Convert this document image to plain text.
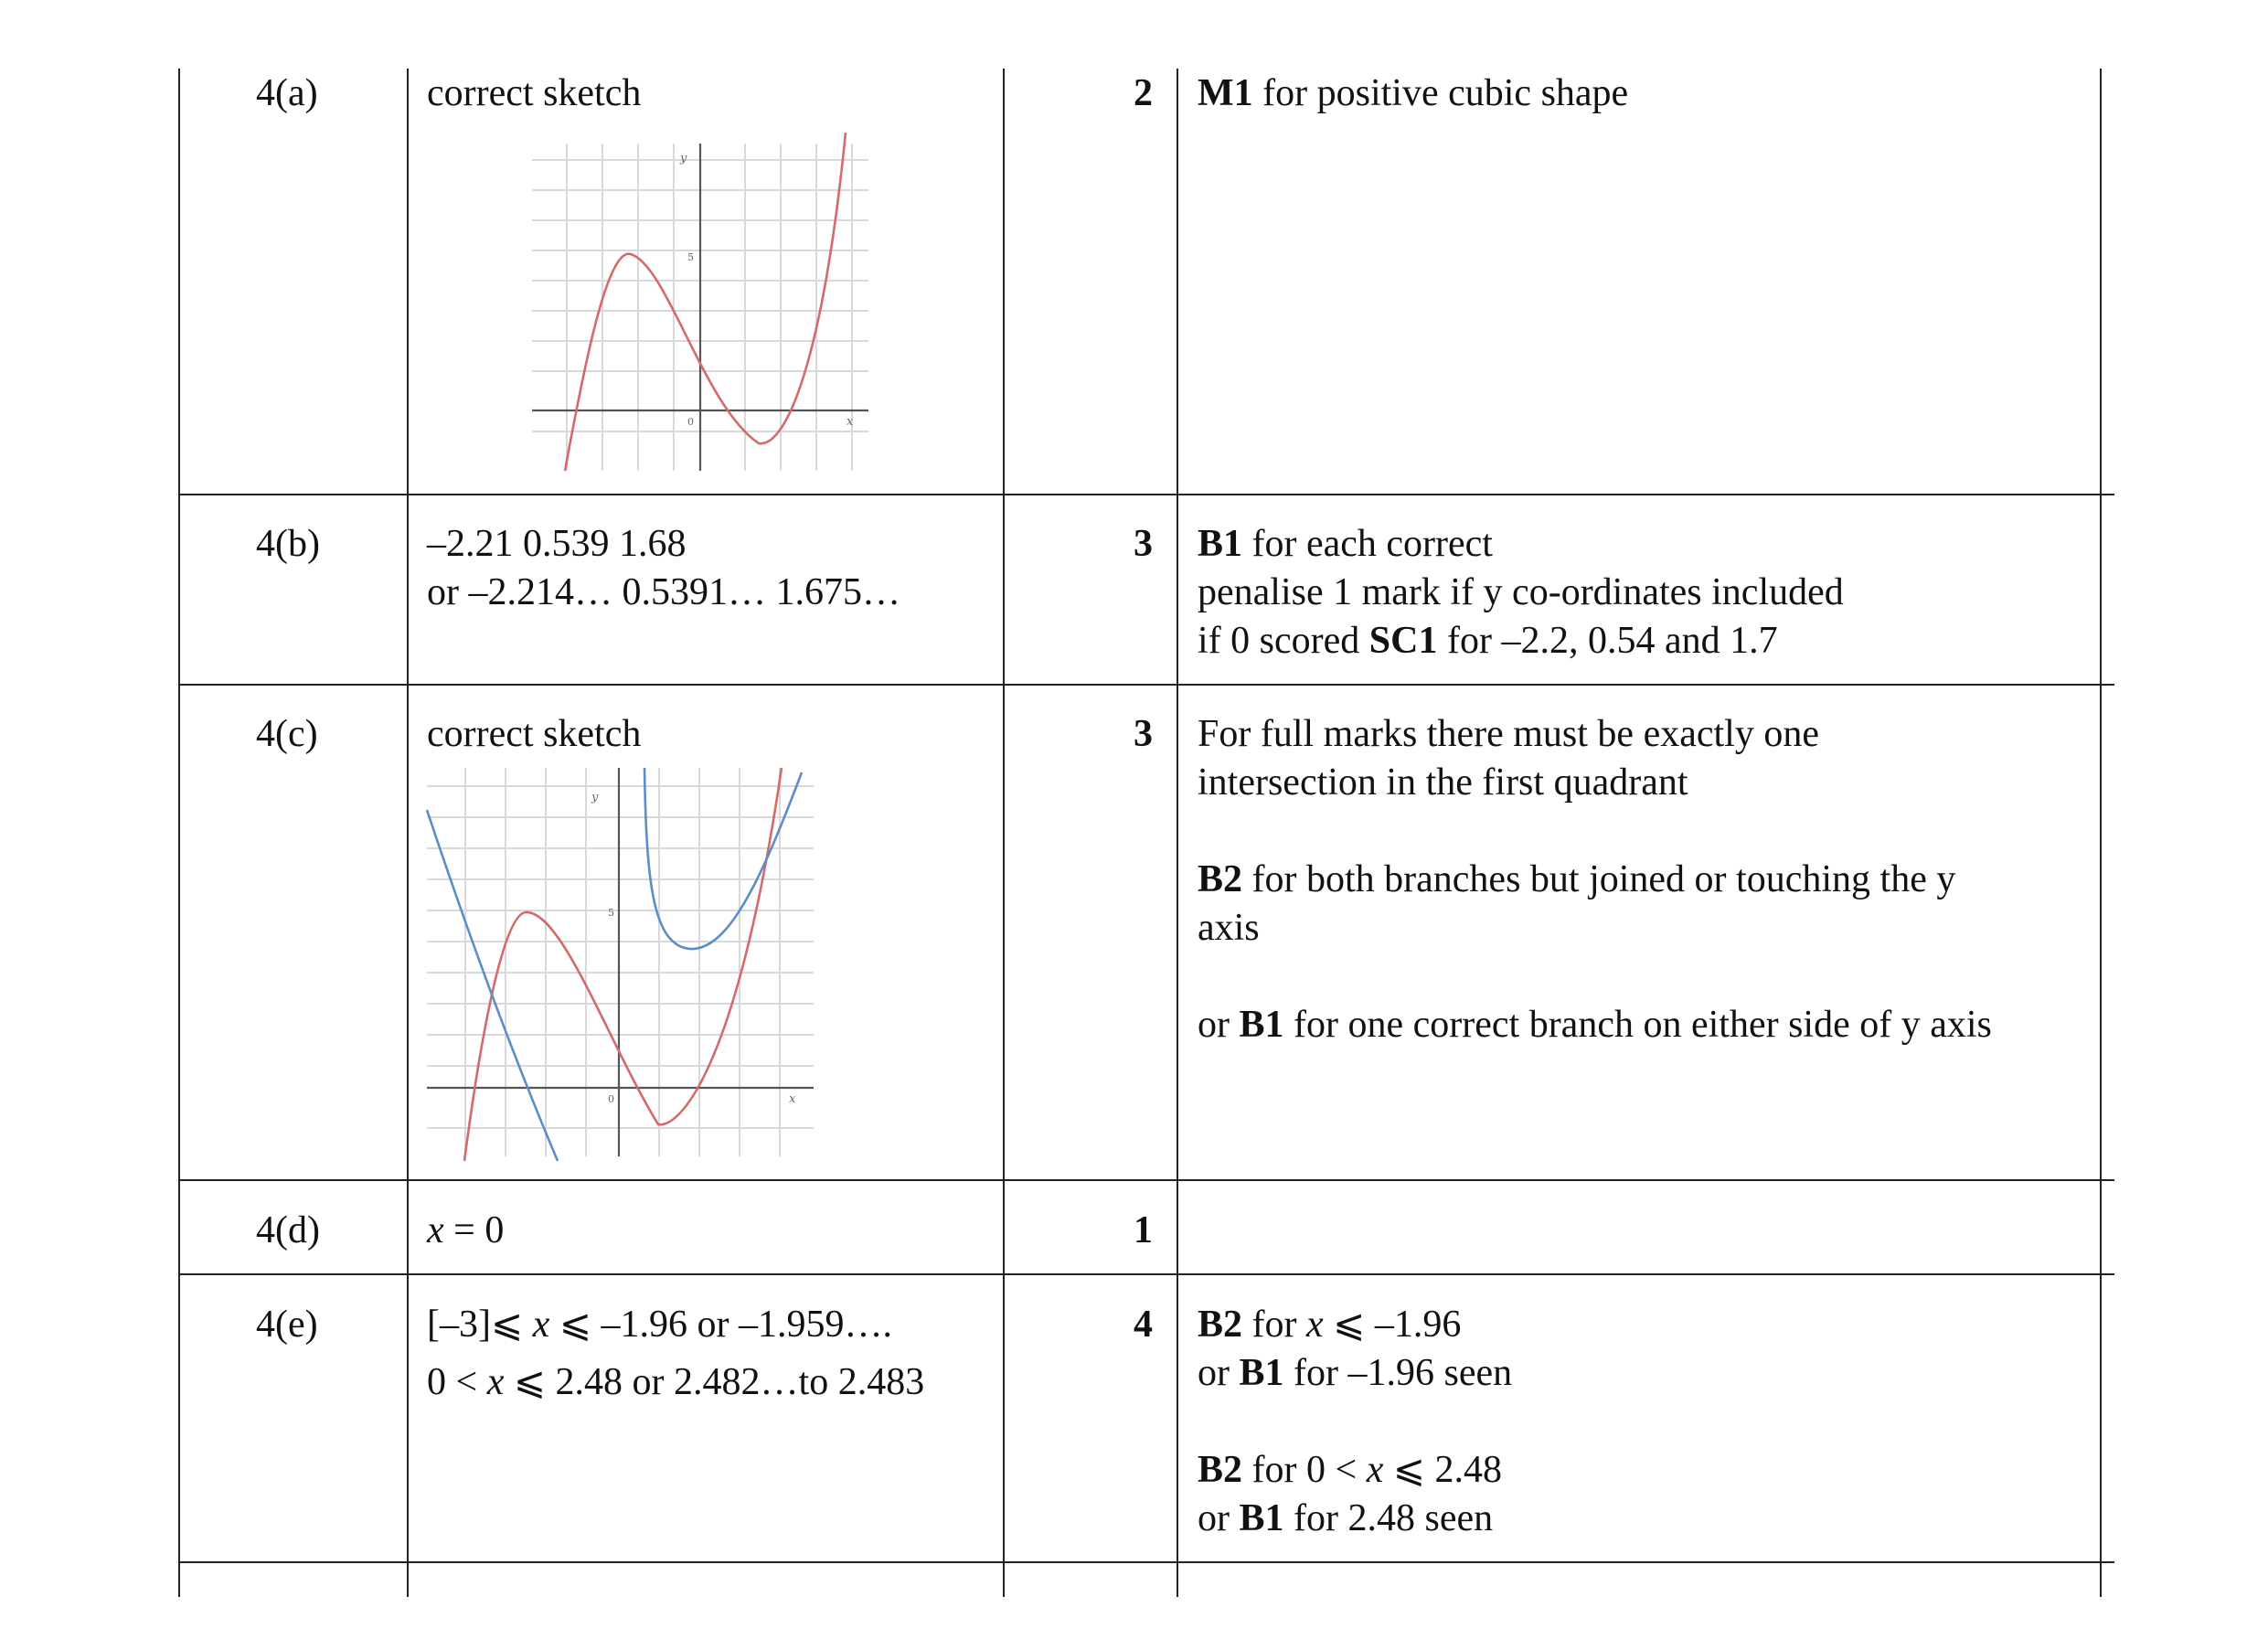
4(a)	correct sketch	2 M1 for positive cubic shape
y
x
0
5
4(b)	–2.21 0.539 1.68
or –2.214… 0.5391… 1.675…
3 B1 for each correct
penalise 1 mark if y co-ordinates included
if 0 scored SC1 for –2.2, 0.54 and 1.7
4(c)	correct sketch	3 For full marks there must be exactly one
intersection in the first quadrant
B2 for both branches but joined or touching the y
axis
or B1 for one correct branch on either side of y axis
y
x
0
5
4(d)	x = 0	1
4(e)	[–3]⩽ x ⩽ –1.96 or –1.959….
0 < x ⩽ 2.48 or 2.482…to 2.483
4 B2 for x ⩽ –1.96
or B1 for –1.96 seen
B2 for 0 < x ⩽ 2.48
or B1 for 2.48 seen
